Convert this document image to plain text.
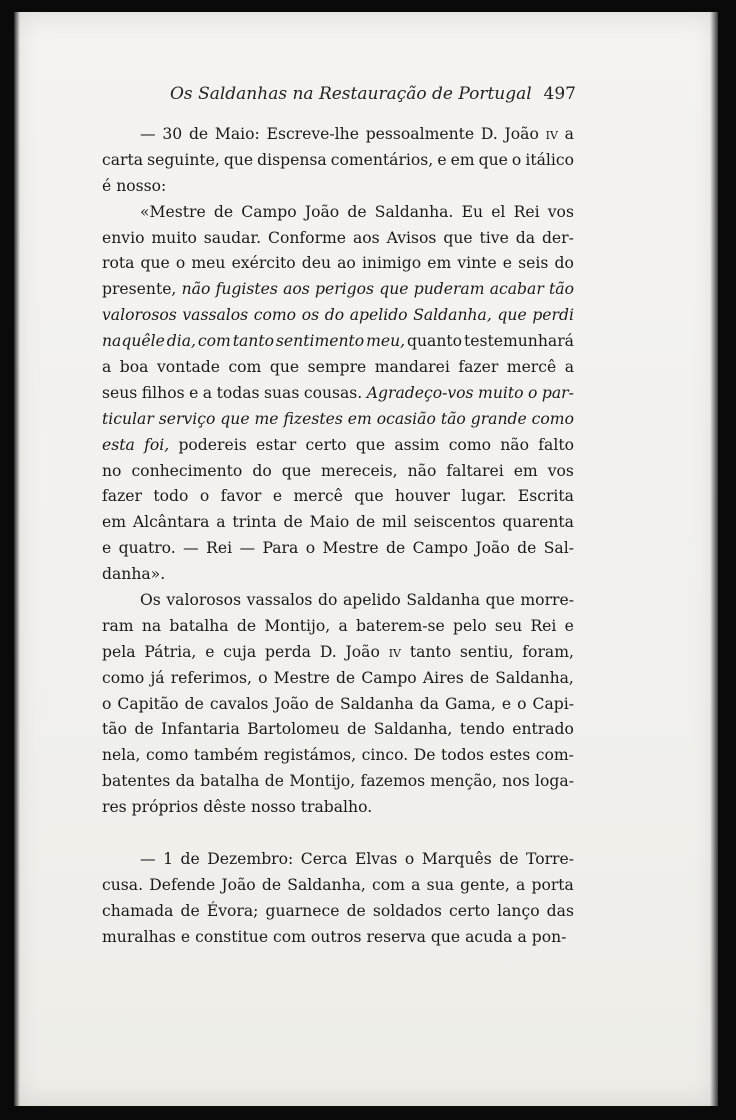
Os Saldanhas na Restauração de Portugal 497
— 30 de Maio: Escreve-lhe pessoalmente D. João iv a
carta seguinte, que dispensa comentários, e em que o itálico
é
nosso:
«Mestre de Campo João de Saldanha. Eu el Rei vos
envio muito saudar. Conforme aos Avisos que tive da der-
rota que o meu exército deu ao inimigo em vinte e seis do
presente, não fugistes aos perigos que puderam acabar tão
valorosos vassalos como os do apelido Saldanha, que perdi
naquêle dia, com tanto sentimento meu, quanto testemunhará
a boa vontade com que sempre mandarei fazer mercê a
seus filhos e a todas suas cousas. Agradeço-vos muito o par-
ticular serviço que me fizestes em ocasião tão grande como
esta foi, podereis estar certo que assim como não falto
no conhecimento do que mereceis, não faltarei em vos
fazer todo o favor e mercê que houver lugar. Escrita
em Alcântara a trinta de Maio de mil seiscentos quarenta
e quatro. — Rei — Para o Mestre de Campo João de Sal-
danha».
Os valorosos vassalos do apelido Saldanha que morre-
ram na batalha de Montijo, a baterem-se pelo seu Rei e
pela Pátria, e cuja perda D. João iv tanto sentiu, foram,
como já referimos, o Mestre de Campo Aires de Saldanha,
o Capitão de cavalos João de Saldanha da Gama, e o Capi-
tão de Infantaria Bartolomeu de Saldanha, tendo entrado
nela, como também registámos, cinco. De todos estes com-
batentes da batalha de Montijo, fazemos menção, nos loga-
res
próprios
dêste
nosso
trabalho.
— 1 de Dezembro: Cerca Elvas o Marquês de Torre-
cusa. Defende João de Saldanha, com a sua gente, a porta
chamada de Évora; guarnece de soldados certo lanço das
muralhas
e
constitue
com
outros
reserva
que
acuda
a
pon-
